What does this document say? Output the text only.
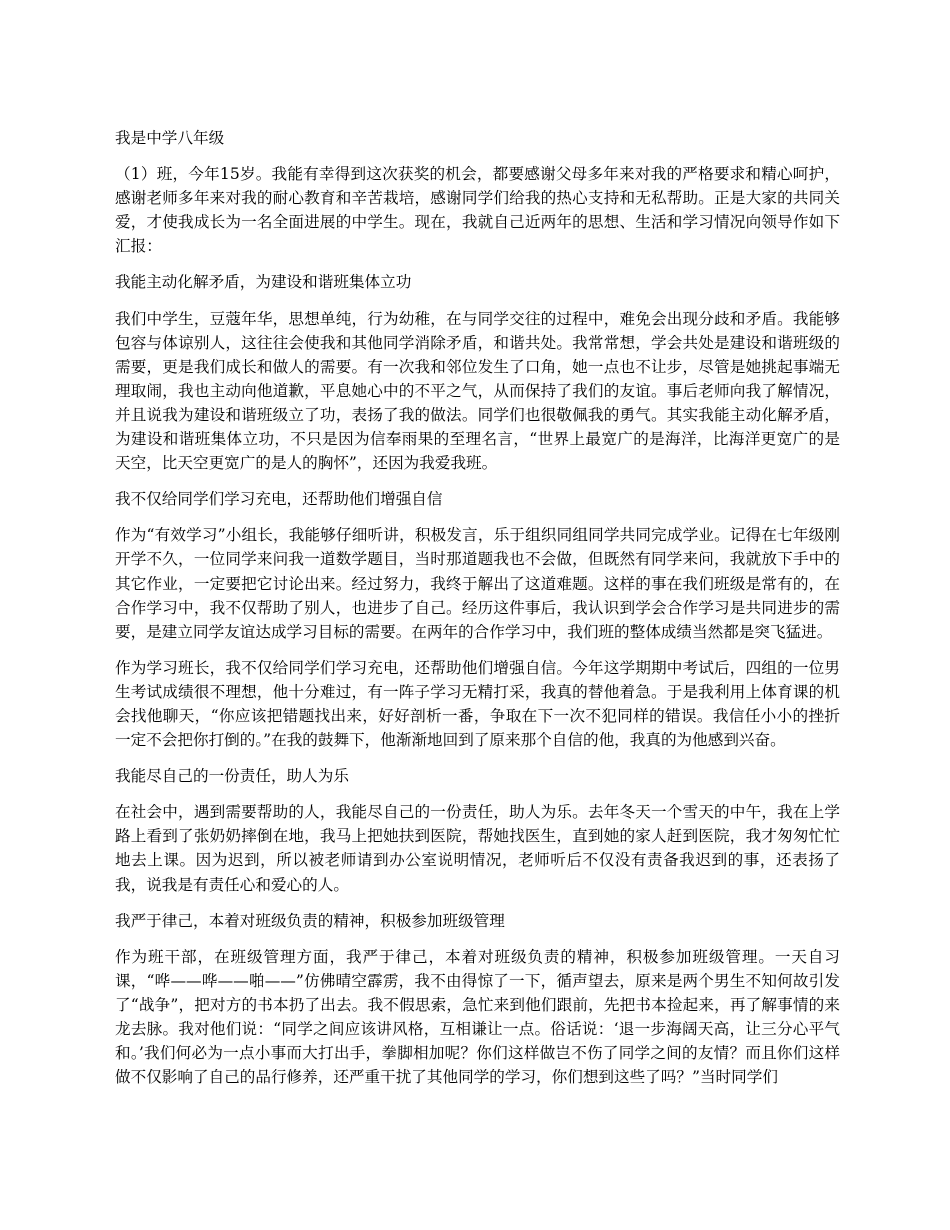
我是中学八年级

（1）班，今年15岁。我能有幸得到这次获奖的机会，都要感谢父母多年来对我的严格要求和精心呵护，感谢老师多年来对我的耐心教育和辛苦栽培，感谢同学们给我的热心支持和无私帮助。正是大家的共同关爱，才使我成长为一名全面进展的中学生。现在，我就自己近两年的思想、生活和学习情况向领导作如下汇报：

我能主动化解矛盾，为建设和谐班集体立功

我们中学生，豆蔻年华，思想单纯，行为幼稚，在与同学交往的过程中，难免会出现分歧和矛盾。我能够包容与体谅别人，这往往会使我和其他同学消除矛盾，和谐共处。我常常想，学会共处是建设和谐班级的需要，更是我们成长和做人的需要。有一次我和邻位发生了口角，她一点也不让步，尽管是她挑起事端无理取闹，我也主动向他道歉，平息她心中的不平之气，从而保持了我们的友谊。事后老师向我了解情况，并且说我为建设和谐班级立了功，表扬了我的做法。同学们也很敬佩我的勇气。其实我能主动化解矛盾，为建设和谐班集体立功，不只是因为信奉雨果的至理名言，“世界上最宽广的是海洋，比海洋更宽广的是天空，比天空更宽广的是人的胸怀”，还因为我爱我班。

我不仅给同学们学习充电，还帮助他们增强自信

作为“有效学习”小组长，我能够仔细听讲，积极发言，乐于组织同组同学共同完成学业。记得在七年级刚开学不久，一位同学来问我一道数学题目，当时那道题我也不会做，但既然有同学来问，我就放下手中的其它作业，一定要把它讨论出来。经过努力，我终于解出了这道难题。这样的事在我们班级是常有的，在合作学习中，我不仅帮助了别人，也进步了自己。经历这件事后，我认识到学会合作学习是共同进步的需要，是建立同学友谊达成学习目标的需要。在两年的合作学习中，我们班的整体成绩当然都是突飞猛进。

作为学习班长，我不仅给同学们学习充电，还帮助他们增强自信。今年这学期期中考试后，四组的一位男生考试成绩很不理想，他十分难过，有一阵子学习无精打采，我真的替他着急。于是我利用上体育课的机会找他聊天，“你应该把错题找出来，好好剖析一番，争取在下一次不犯同样的错误。我信任小小的挫折一定不会把你打倒的。”在我的鼓舞下，他渐渐地回到了原来那个自信的他，我真的为他感到兴奋。

我能尽自己的一份责任，助人为乐

在社会中，遇到需要帮助的人，我能尽自己的一份责任，助人为乐。去年冬天一个雪天的中午，我在上学路上看到了张奶奶摔倒在地，我马上把她扶到医院，帮她找医生，直到她的家人赶到医院，我才匆匆忙忙地去上课。因为迟到，所以被老师请到办公室说明情况，老师听后不仅没有责备我迟到的事，还表扬了我，说我是有责任心和爱心的人。

我严于律己，本着对班级负责的精神，积极参加班级管理

作为班干部，在班级管理方面，我严于律己，本着对班级负责的精神，积极参加班级管理。一天自习课，“哗——哗——啪——”仿佛晴空霹雳，我不由得惊了一下，循声望去，原来是两个男生不知何故引发了“战争”，把对方的书本扔了出去。我不假思索，急忙来到他们跟前，先把书本捡起来，再了解事情的来龙去脉。我对他们说：“同学之间应该讲风格，互相谦让一点。俗话说：‘退一步海阔天高，让三分心平气和。’我们何必为一点小事而大打出手，拳脚相加呢？你们这样做岂不伤了同学之间的友情？而且你们这样做不仅影响了自己的品行修养，还严重干扰了其他同学的学习，你们想到这些了吗？”当时同学们
